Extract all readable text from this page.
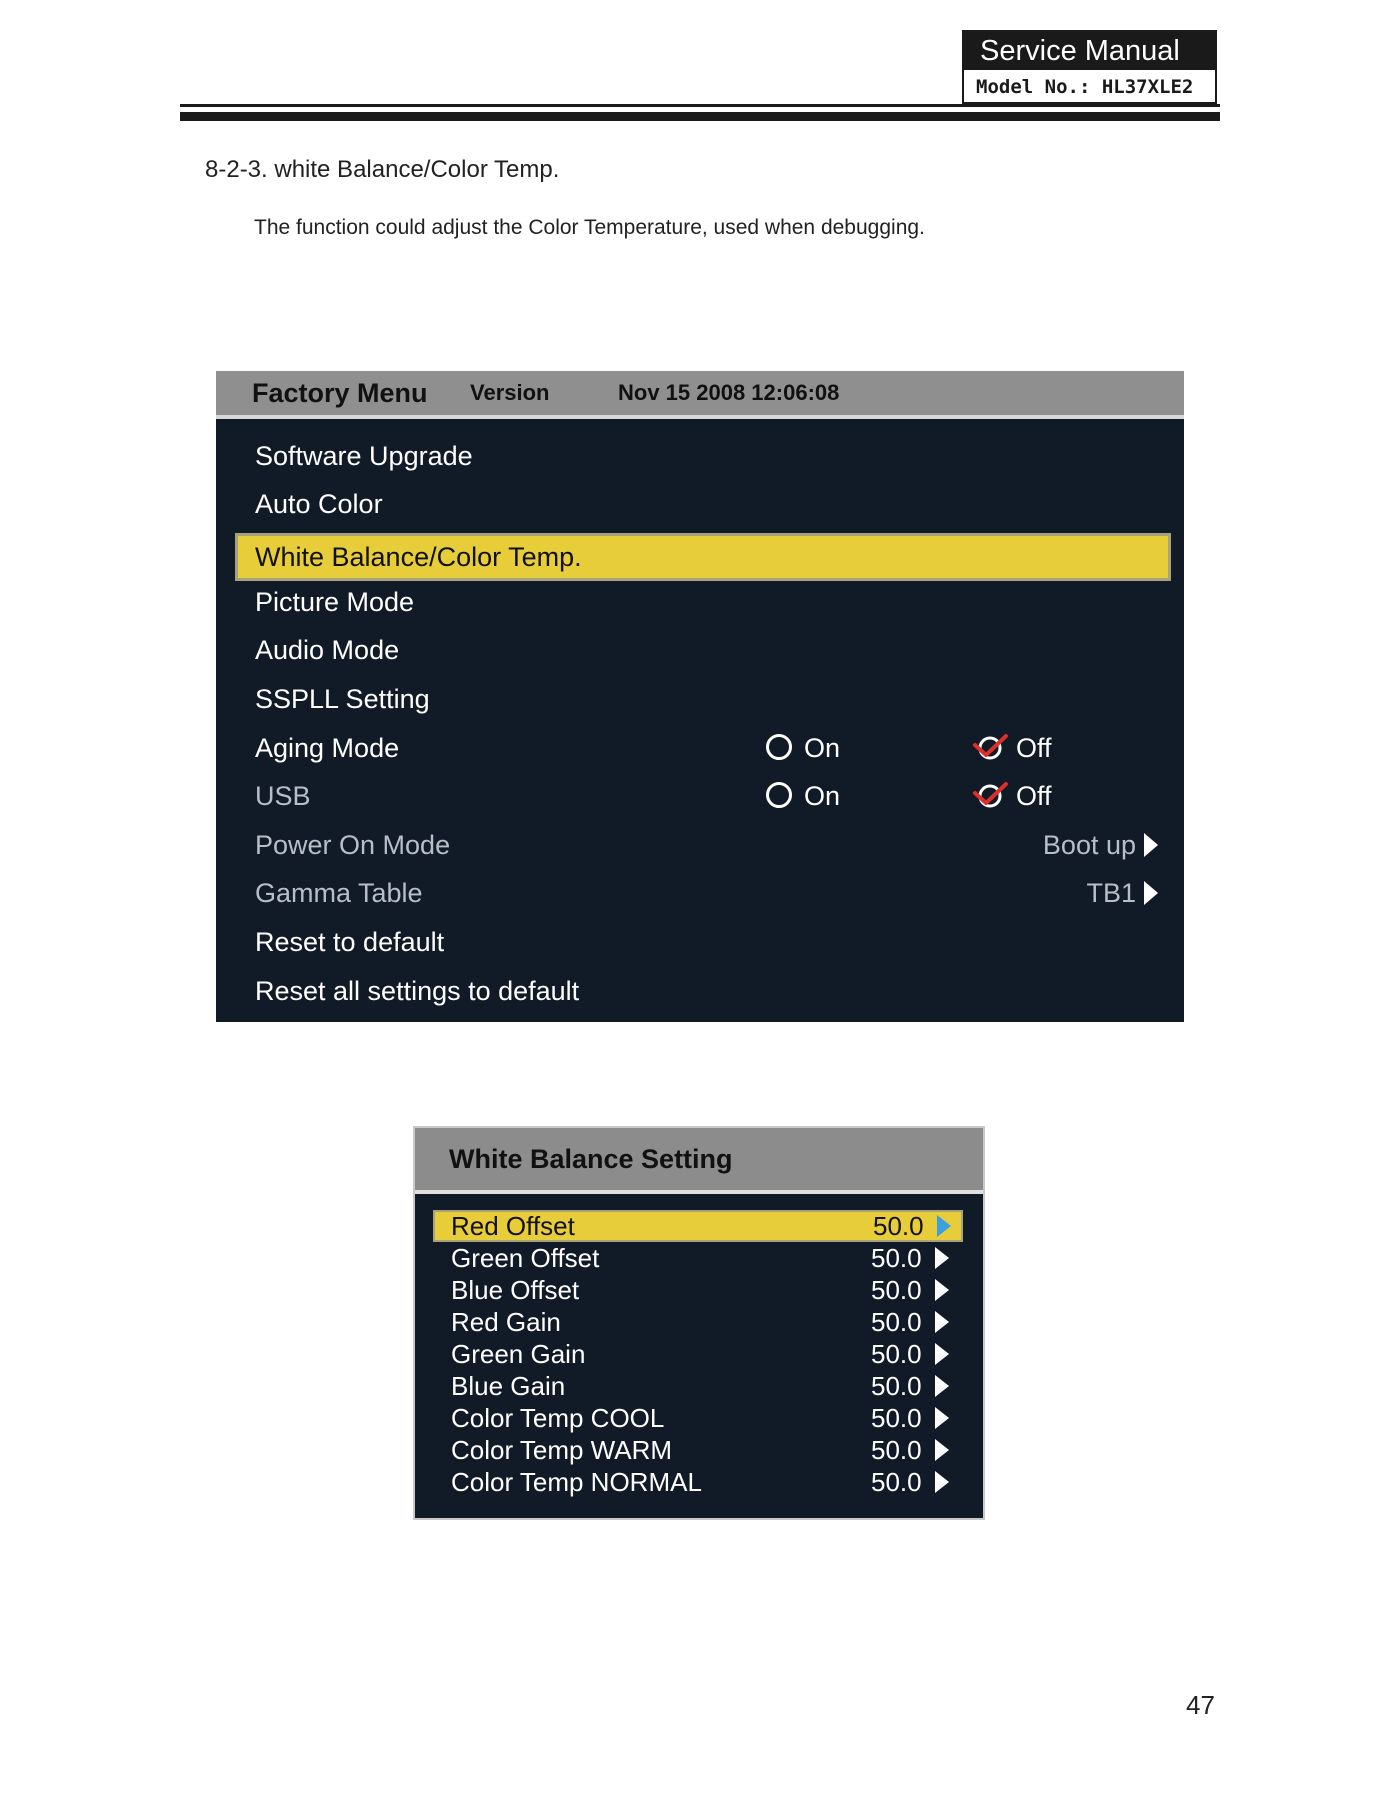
Service Manual
Model No.: HL37XLE2
8-2-3. white Balance/Color Temp.
The function could adjust the Color Temperature, used when debugging.
Factory Menu Version	Nov 15 2008 12:06:08
Software Upgrade
Auto Color
White Balance/Color Temp.
Picture Mode
Audio Mode
SSPLL Setting
Aging Mode	On	Off
USB	On	Off
Power On Mode	Boot up
Gamma Table	TB1
Reset to default
Reset all settings to default
White Balance Setting
Red Offset	50.0
Green Offset	50.0
Blue Offset	50.0
Red Gain	50.0
Green Gain	50.0
Blue Gain	50.0
Color Temp COOL	50.0
Color Temp WARM	50.0
Color Temp NORMAL	50.0
47
